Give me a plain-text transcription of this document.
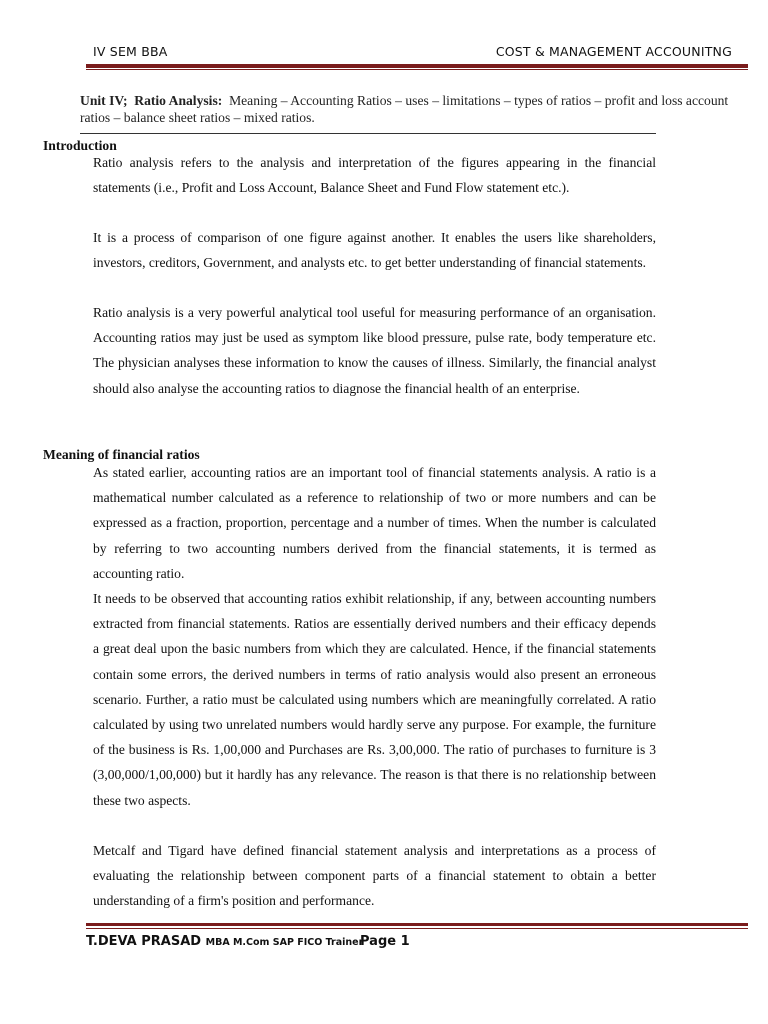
IV SEM BBA	COST & MANAGEMENT ACCOUNITNG
Unit IV; Ratio Analysis: Meaning – Accounting Ratios – uses – limitations – types of ratios – profit and loss account ratios – balance sheet ratios – mixed ratios.
Introduction
Ratio analysis refers to the analysis and interpretation of the figures appearing in the financial statements (i.e., Profit and Loss Account, Balance Sheet and Fund Flow statement etc.).
It is a process of comparison of one figure against another. It enables the users like shareholders, investors, creditors, Government, and analysts etc. to get better understanding of financial statements.
Ratio analysis is a very powerful analytical tool useful for measuring performance of an organisation. Accounting ratios may just be used as symptom like blood pressure, pulse rate, body temperature etc. The physician analyses these information to know the causes of illness. Similarly, the financial analyst should also analyse the accounting ratios to diagnose the financial health of an enterprise.
Meaning of financial ratios
As stated earlier, accounting ratios are an important tool of financial statements analysis. A ratio is a mathematical number calculated as a reference to relationship of two or more numbers and can be expressed as a fraction, proportion, percentage and a number of times. When the number is calculated by referring to two accounting numbers derived from the financial statements, it is termed as accounting ratio.
It needs to be observed that accounting ratios exhibit relationship, if any, between accounting numbers extracted from financial statements. Ratios are essentially derived numbers and their efficacy depends a great deal upon the basic numbers from which they are calculated. Hence, if the financial statements contain some errors, the derived numbers in terms of ratio analysis would also present an erroneous scenario. Further, a ratio must be calculated using numbers which are meaningfully correlated. A ratio calculated by using two unrelated numbers would hardly serve any purpose. For example, the furniture of the business is Rs. 1,00,000 and Purchases are Rs. 3,00,000. The ratio of purchases to furniture is 3 (3,00,000/1,00,000) but it hardly has any relevance. The reason is that there is no relationship between these two aspects.
Metcalf and Tigard have defined financial statement analysis and interpretations as a process of evaluating the relationship between component parts of a financial statement to obtain a better understanding of a firm's position and performance.
T.DEVA PRASAD MBA M.Com SAP FICO Trainer
Page 1
